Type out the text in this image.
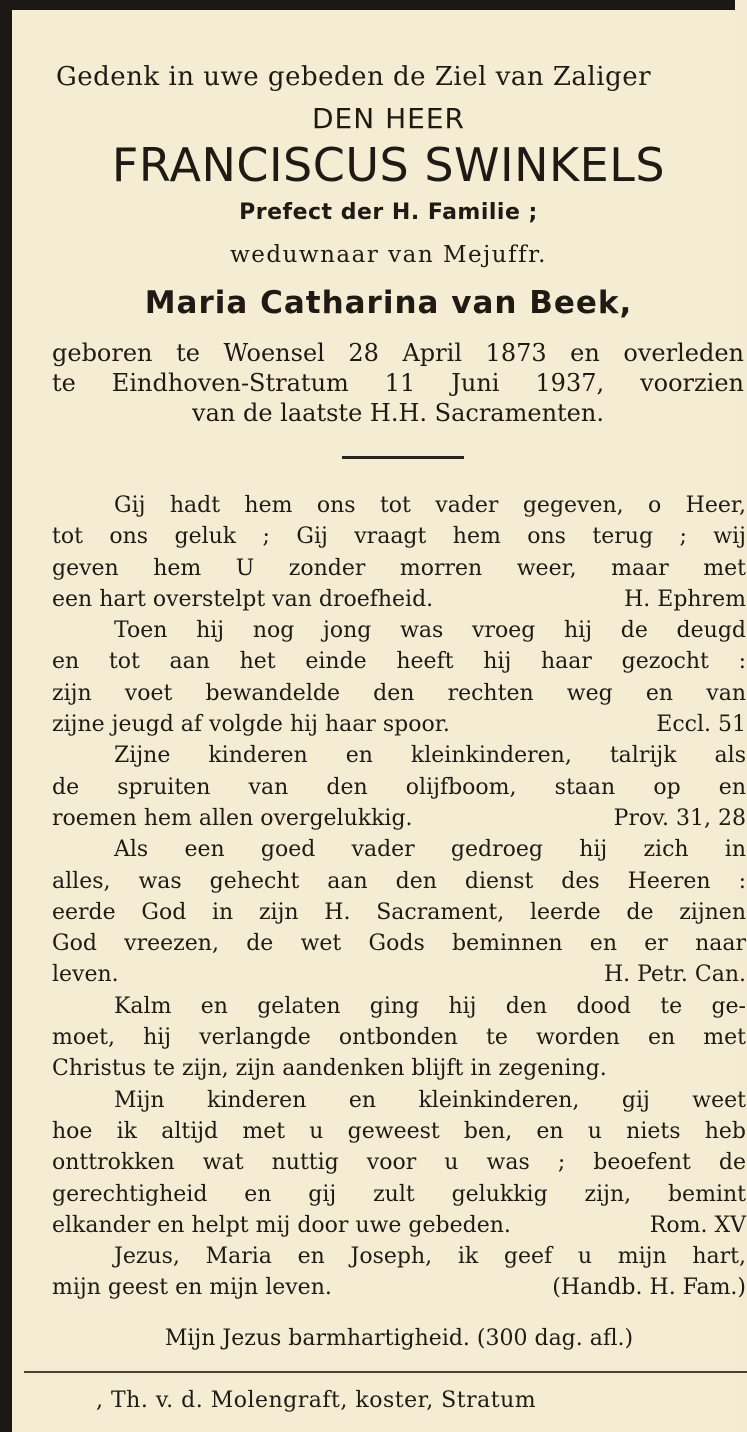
Gedenk in uwe gebeden de Ziel van Zaliger
DEN HEER
FRANCISCUS SWINKELS
Prefect der H. Familie ;
weduwnaar van Mejuffr.
Maria Catharina van Beek,
geboren te Woensel 28 April 1873 en overleden
te Eindhoven-Stratum 11 Juni 1937, voorzien
van de laatste H.H. Sacramenten.
Gij hadt hem ons tot vader gegeven, o Heer,
tot ons geluk ; Gij vraagt hem ons terug ; wij
geven hem U zonder morren weer, maar met
een hart overstelpt van droefheid.	H. Ephrem
Toen hij nog jong was vroeg hij de deugd
en tot aan het einde heeft hij haar gezocht :
zijn voet bewandelde den rechten weg en van
zijne jeugd af volgde hij haar spoor.	Eccl. 51
Zijne kinderen en kleinkinderen, talrijk als
de spruiten van den olijfboom, staan op en
roemen hem allen overgelukkig.	Prov. 31, 28
Als een goed vader gedroeg hij zich in
alles, was gehecht aan den dienst des Heeren :
eerde God in zijn H. Sacrament, leerde de zijnen
God vreezen, de wet Gods beminnen en er naar
leven.	H. Petr. Can.
Kalm en gelaten ging hij den dood te ge-
moet, hij verlangde ontbonden te worden en met
Christus te zijn, zijn aandenken blijft in zegening.
Mijn kinderen en kleinkinderen, gij weet
hoe ik altijd met u geweest ben, en u niets heb
onttrokken wat nuttig voor u was ; beoefent de
gerechtigheid en gij zult gelukkig zijn, bemint
elkander en helpt mij door uwe gebeden.	Rom. XV
Jezus, Maria en Joseph, ik geef u mijn hart,
mijn geest en mijn leven.	(Handb. H. Fam.)
Mijn Jezus barmhartigheid. (300 dag. afl.)
, Th. v. d. Molengraft, koster, Stratum
